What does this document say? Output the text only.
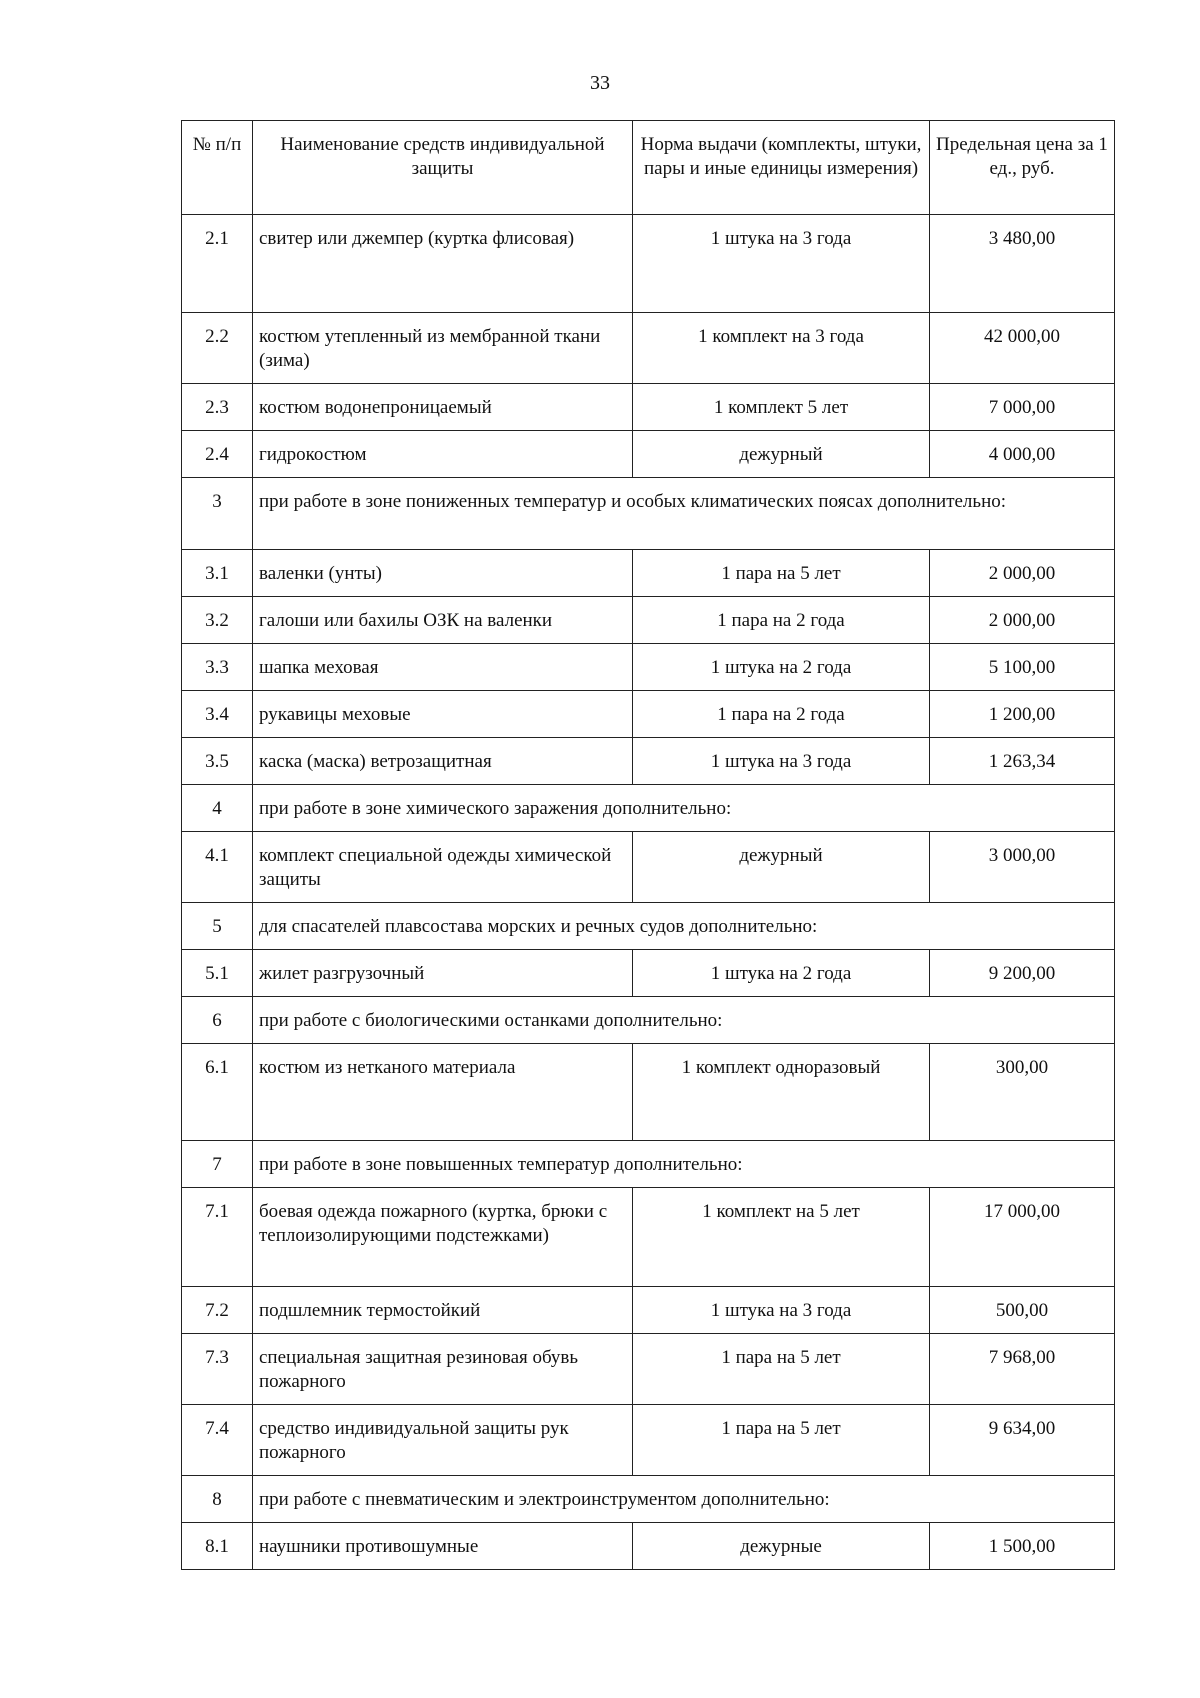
33
№ п/п	Наименование средств индивидуальной защиты	Норма выдачи (комплекты, штуки, пары и иные единицы измерения)	Предельная цена за 1 ед., руб.
2.1	свитер или джемпер (куртка флисовая)	1 штука на 3 года	3 480,00
2.2	костюм утепленный из мембранной ткани (зима)	1 комплект на 3 года	42 000,00
2.3	костюм водонепроницаемый	1 комплект 5 лет	7 000,00
2.4	гидрокостюм	дежурный	4 000,00
3	при работе в зоне пониженных температур и особых климатических поясах дополнительно:		
3.1	валенки (унты)	1 пара на 5 лет	2 000,00
3.2	галоши или бахилы ОЗК на валенки	1 пара на 2 года	2 000,00
3.3	шапка меховая	1 штука на 2 года	5 100,00
3.4	рукавицы меховые	1 пара на 2 года	1 200,00
3.5	каска (маска) ветрозащитная	1 штука на 3 года	1 263,34
4	при работе в зоне химического заражения дополнительно:		
4.1	комплект специальной одежды химической защиты	дежурный	3 000,00
5	для спасателей плавсостава морских и речных судов дополнительно:		
5.1	жилет разгрузочный	1 штука на 2 года	9 200,00
6	при работе с биологическими останками дополнительно:		
6.1	костюм из нетканого материала	1 комплект одноразовый	300,00
7	при работе в зоне повышенных температур дополнительно:		
7.1	боевая одежда пожарного (куртка, брюки с теплоизолирующими подстежками)	1 комплект на 5 лет	17 000,00
7.2	подшлемник термостойкий	1 штука на 3 года	500,00
7.3	специальная защитная резиновая обувь пожарного	1 пара на 5 лет	7 968,00
7.4	средство индивидуальной защиты рук пожарного	1 пара на 5 лет	9 634,00
8	при работе с пневматическим и электроинструментом дополнительно:		
8.1	наушники противошумные	дежурные	1 500,00
